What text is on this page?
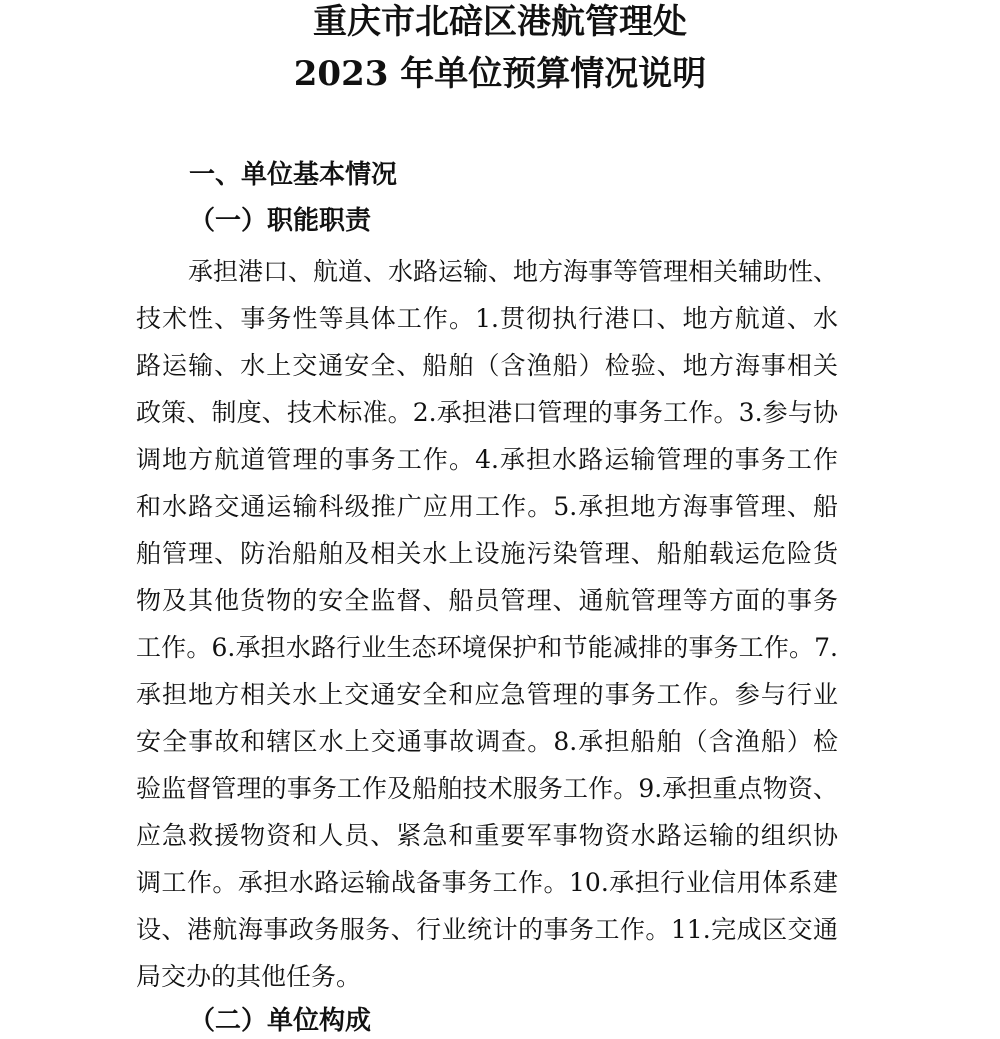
重庆市北碚区港航管理处
2023 年单位预算情况说明
一、单位基本情况
（一）职能职责
承担港口、航道、水路运输、地方海事等管理相关辅助性、
技术性、事务性等具体工作。1.贯彻执行港口、地方航道、水
路运输、水上交通安全、船舶（含渔船）检验、地方海事相关
政策、制度、技术标准。2.承担港口管理的事务工作。3.参与协
调地方航道管理的事务工作。4.承担水路运输管理的事务工作
和水路交通运输科级推广应用工作。5.承担地方海事管理、船
舶管理、防治船舶及相关水上设施污染管理、船舶载运危险货
物及其他货物的安全监督、船员管理、通航管理等方面的事务
工作。6.承担水路行业生态环境保护和节能减排的事务工作。7.
承担地方相关水上交通安全和应急管理的事务工作。参与行业
安全事故和辖区水上交通事故调查。8.承担船舶（含渔船）检
验监督管理的事务工作及船舶技术服务工作。9.承担重点物资、
应急救援物资和人员、紧急和重要军事物资水路运输的组织协
调工作。承担水路运输战备事务工作。10.承担行业信用体系建
设、港航海事政务服务、行业统计的事务工作。11.完成区交通
局交办的其他任务。
（二）单位构成
